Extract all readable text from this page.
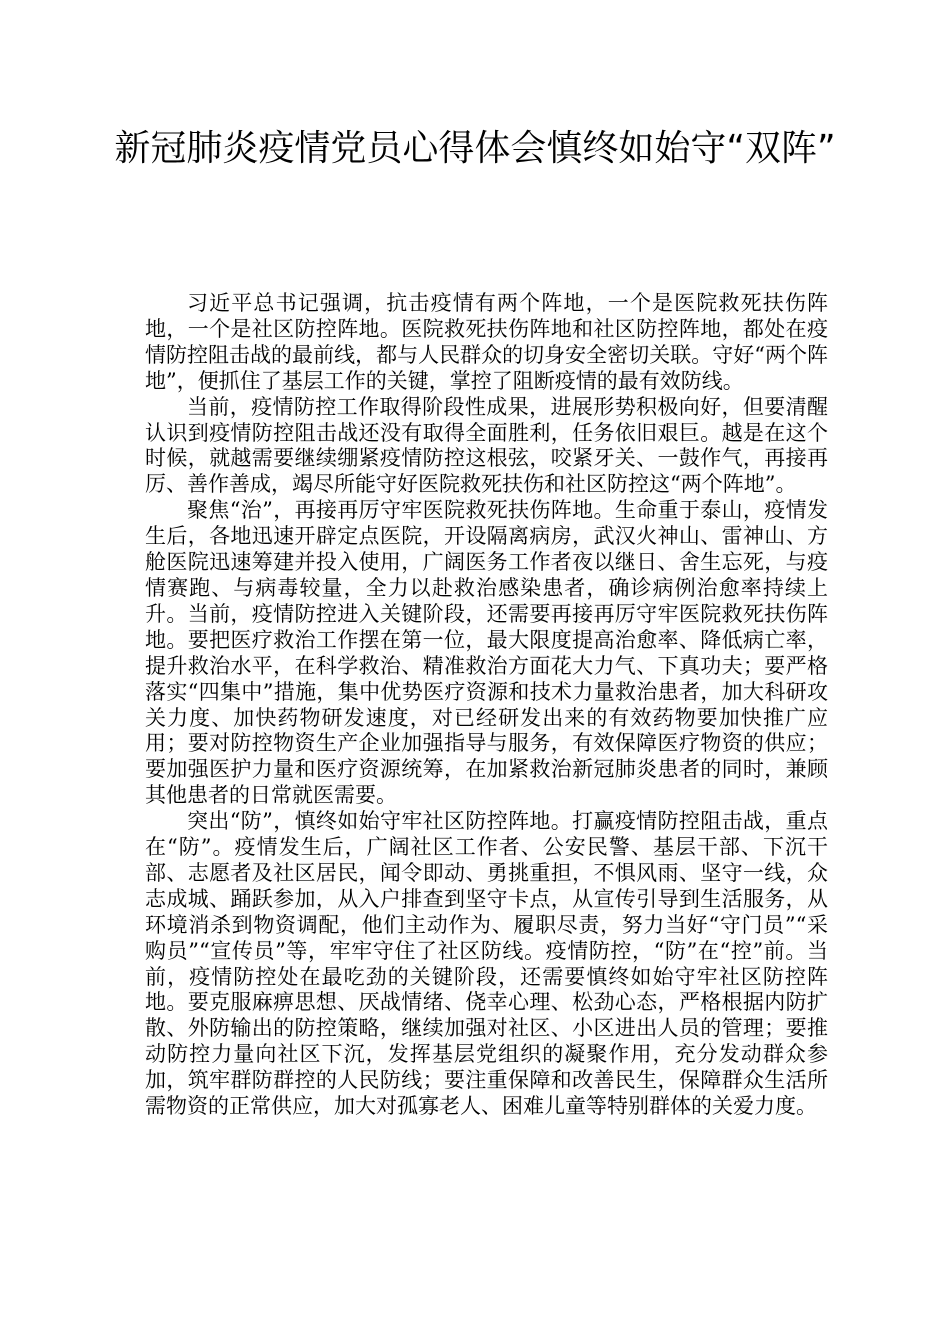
新冠肺炎疫情党员心得体会慎终如始守“双阵”

习近平总书记强调，抗击疫情有两个阵地，一个是医院救死扶伤阵地，一个是社区防控阵地。医院救死扶伤阵地和社区防控阵地，都处在疫情防控阻击战的最前线，都与人民群众的切身安全密切关联。守好“两个阵地”，便抓住了基层工作的关键，掌控了阻断疫情的最有效防线。

当前，疫情防控工作取得阶段性成果，进展形势积极向好，但要清醒认识到疫情防控阻击战还没有取得全面胜利，任务依旧艰巨。越是在这个时候，就越需要继续绷紧疫情防控这根弦，咬紧牙关、一鼓作气，再接再厉、善作善成，竭尽所能守好医院救死扶伤和社区防控这“两个阵地”。

聚焦“治”，再接再厉守牢医院救死扶伤阵地。生命重于泰山，疫情发生后，各地迅速开辟定点医院，开设隔离病房，武汉火神山、雷神山、方舱医院迅速筹建并投入使用，广阔医务工作者夜以继日、舍生忘死，与疫情赛跑、与病毒较量，全力以赴救治感染患者，确诊病例治愈率持续上升。当前，疫情防控进入关键阶段，还需要再接再厉守牢医院救死扶伤阵地。要把医疗救治工作摆在第一位，最大限度提高治愈率、降低病亡率，提升救治水平，在科学救治、精准救治方面花大力气、下真功夫；要严格落实“四集中”措施，集中优势医疗资源和技术力量救治患者，加大科研攻关力度、加快药物研发速度，对已经研发出来的有效药物要加快推广应用；要对防控物资生产企业加强指导与服务，有效保障医疗物资的供应；要加强医护力量和医疗资源统筹，在加紧救治新冠肺炎患者的同时，兼顾其他患者的日常就医需要。

突出“防”，慎终如始守牢社区防控阵地。打赢疫情防控阻击战，重点在“防”。疫情发生后，广阔社区工作者、公安民警、基层干部、下沉干部、志愿者及社区居民，闻令即动、勇挑重担，不惧风雨、坚守一线，众志成城、踊跃参加，从入户排查到坚守卡点，从宣传引导到生活服务，从环境消杀到物资调配，他们主动作为、履职尽责，努力当好“守门员”“采购员”“宣传员”等，牢牢守住了社区防线。疫情防控，“防”在“控”前。当前，疫情防控处在最吃劲的关键阶段，还需要慎终如始守牢社区防控阵地。要克服麻痹思想、厌战情绪、侥幸心理、松劲心态，严格根据内防扩散、外防输出的防控策略，继续加强对社区、小区进出人员的管理；要推动防控力量向社区下沉，发挥基层党组织的凝聚作用，充分发动群众参加，筑牢群防群控的人民防线；要注重保障和改善民生，保障群众生活所需物资的正常供应，加大对孤寡老人、困难儿童等特别群体的关爱力度。
